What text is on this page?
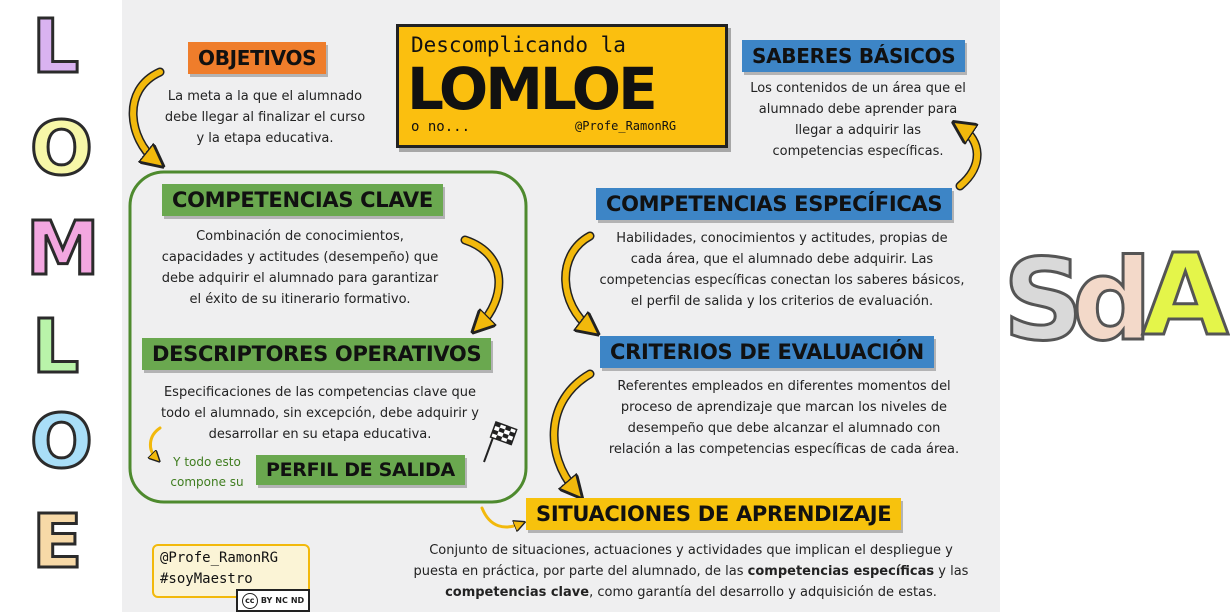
L
O
M
L
O
E
S
d
A
Descomplicando la
LOMLOE
o no...	@Profe_RamonRG
OBJETIVOS
La meta a la que el alumnado
debe llegar al finalizar el curso
y la etapa educativa.
SABERES BÁSICOS
Los contenidos de un área que el
alumnado debe aprender para
llegar a adquirir las
competencias específicas.
COMPETENCIAS CLAVE
Combinación de conocimientos,
capacidades y actitudes (desempeño) que
debe adquirir el alumnado para garantizar
el éxito de su itinerario formativo.
COMPETENCIAS ESPECÍFICAS
Habilidades, conocimientos y actitudes, propias de
cada área, que el alumnado debe adquirir. Las
competencias específicas conectan los saberes básicos,
el perfil de salida y los criterios de evaluación.
DESCRIPTORES OPERATIVOS
Especificaciones de las competencias clave que
todo el alumnado, sin excepción, debe adquirir y
desarrollar en su etapa educativa.
Y todo esto
compone su
PERFIL DE SALIDA
CRITERIOS DE EVALUACIÓN
Referentes empleados en diferentes momentos del
proceso de aprendizaje que marcan los niveles de
desempeño que debe alcanzar el alumnado con
relación a las competencias específicas de cada área.
SITUACIONES DE APRENDIZAJE
Conjunto de situaciones, actuaciones y actividades que implican el despliegue y
puesta en práctica, por parte del alumnado, de las competencias específicas y las
competencias clave, como garantía del desarrollo y adquisición de estas.
@Profe_RamonRG
#soyMaestro
cc BY NC ND
